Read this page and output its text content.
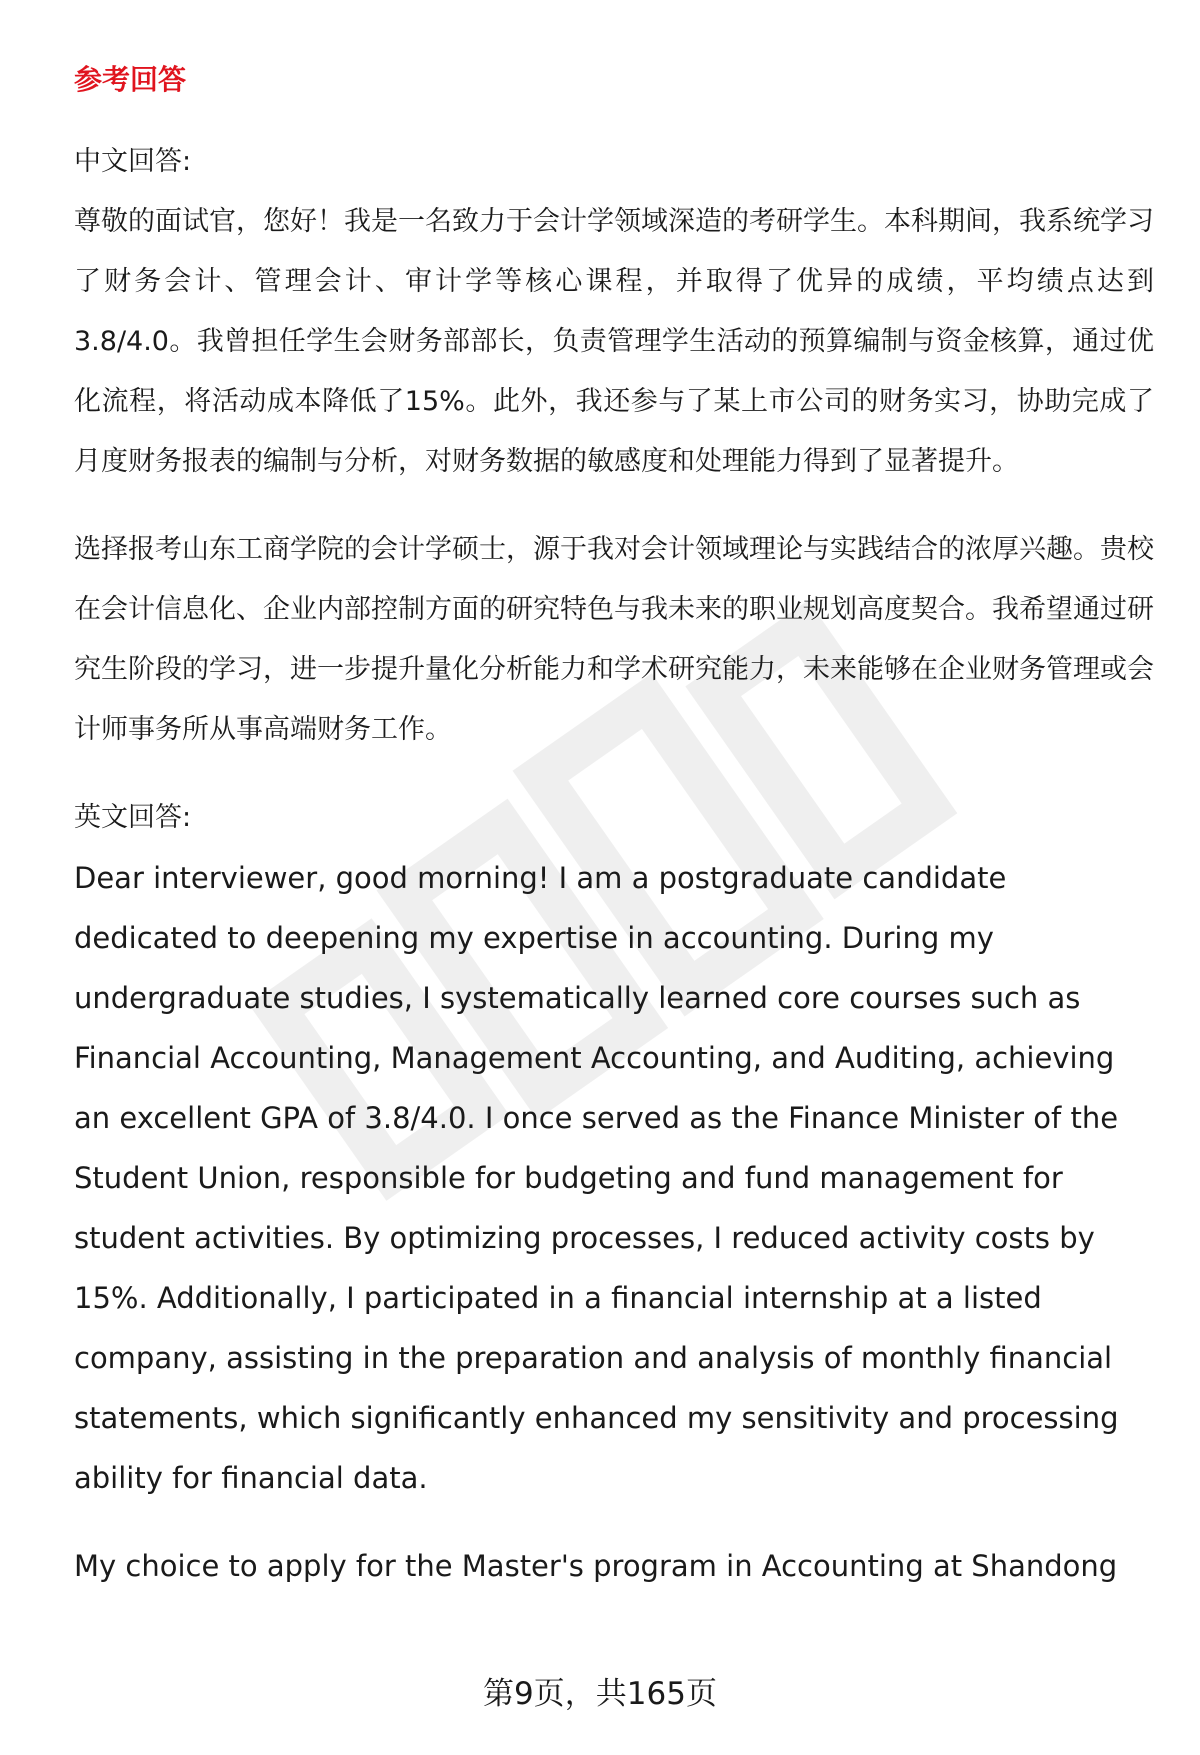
参考回答
中文回答:

尊敬的面试官，您好！我是一名致力于会计学领域深造的考研学生。本科期间，我系统学习了财务会计、管理会计、审计学等核心课程，并取得了优异的成绩，平均绩点达到3.8/4.0。我曾担任学生会财务部部长，负责管理学生活动的预算编制与资金核算，通过优化流程，将活动成本降低了15%。此外，我还参与了某上市公司的财务实习，协助完成了月度财务报表的编制与分析，对财务数据的敏感度和处理能力得到了显著提升。

选择报考山东工商学院的会计学硕士，源于我对会计领域理论与实践结合的浓厚兴趣。贵校在会计信息化、企业内部控制方面的研究特色与我未来的职业规划高度契合。我希望通过研究生阶段的学习，进一步提升量化分析能力和学术研究能力，未来能够在企业财务管理或会计师事务所从事高端财务工作。

英文回答:

Dear interviewer, good morning! I am a postgraduate candidate dedicated to deepening my expertise in accounting. During my undergraduate studies, I systematically learned core courses such as Financial Accounting, Management Accounting, and Auditing, achieving an excellent GPA of 3.8/4.0. I once served as the Finance Minister of the Student Union, responsible for budgeting and fund management for student activities. By optimizing processes, I reduced activity costs by 15%. Additionally, I participated in a financial internship at a listed company, assisting in the preparation and analysis of monthly financial statements, which significantly enhanced my sensitivity and processing ability for financial data.

My choice to apply for the Master's program in Accounting at Shandong

第9页，共165页
